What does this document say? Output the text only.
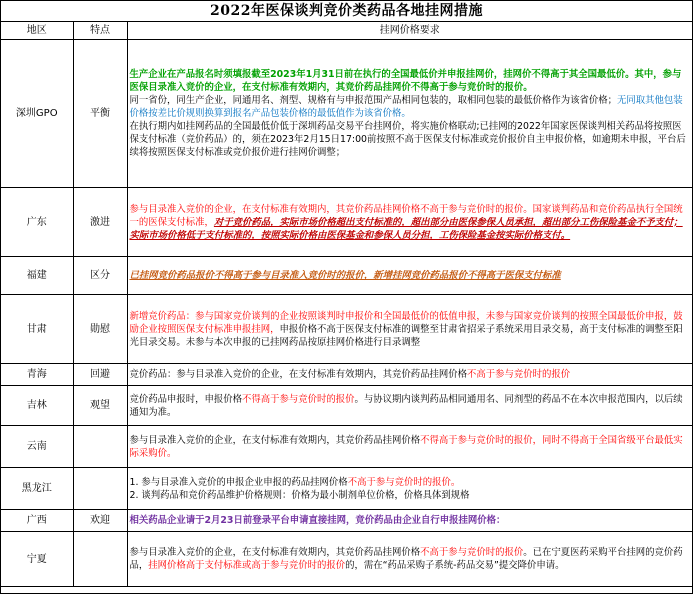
2022年医保谈判竞价类药品各地挂网措施
地区	特点	挂网价格要求
深圳GPO	平衡	生产企业在产品报名时须填报截至2023年1月31日前在执行的全国最低价并申报挂网价，挂网价不得高于其全国最低价。其中，参与医保目录准入竞价的企业，在支付标准有效期内，其竞价药品挂网价不得高于参与竞价时的报价。
同一省份，同生产企业，同通用名、剂型、规格有与申报范围产品相同包装的，取相同包装的最低价格作为该省价格；无同取其他包装价格按差比价规则换算到报名产品包装价格的最低值作为该省价格。
在执行期内如挂网药品的全国最低价低于深圳药品交易平台挂网价，将实施价格联动;已挂网的2022年国家医保谈判相关药品将按照医保支付标准（竞价药品）的，须在2023年2月15日17:00前按照不高于医保支付标准或竞价报价自主申报价格，如逾期未申报，平台后续将按照医保支付标准或竞价报价进行挂网价调整；
广东	激进	参与目录准入竞价的企业，在支付标准有效期内，其竞价药品挂网价格不高于参与竞价时的报价。国家谈判药品和竞价药品执行全国统一的医保支付标准，对于竞价药品，实际市场价格超出支付标准的，超出部分由医保参保人员承担，超出部分工伤保险基金不予支付；实际市场价格低于支付标准的，按照实际价格由医保基金和参保人员分担，工伤保险基金按实际价格支付。
福建	区分	已挂网竞价药品报价不得高于参与目录准入竞价时的报价，新增挂网竞价药品报价不得高于医保支付标准
甘肃	勋慰	新增竞价药品：参与国家竞价谈判的企业按照谈判时申报价和全国最低价的低值申报，未参与国家竞价谈判的按照全国最低价申报，鼓励企业按照医保支付标准申报挂网，申报价格不高于医保支付标准的调整至甘肃省招采子系统采用目录交易，高于支付标准的调整至阳光目录交易。未参与本次申报的已挂网药品按原挂网价格进行目录调整
青海	回避	竞价药品：参与目录准入竞价的企业，在支付标准有效期内，其竞价药品挂网价格不高于参与竞价时的报价
吉林	观望	竞价药品申报时，申报价格不得高于参与竞价时的报价。与协议期内谈判药品相同通用名、同剂型的药品不在本次申报范围内，以后续通知为准。
云南		参与目录准入竞价的企业，在支付标准有效期内，其竞价药品挂网价格不得高于参与竞价时的报价，同时不得高于全国省级平台最低实际采购价。
黑龙江		1. 参与目录准入竞价的申报企业申报的药品挂网价格不高于参与竞价时的报价。
2. 谈判药品和竞价药品维护价格规则：价格为最小制剂单位价格，价格具体到规格
广西	欢迎	相关药品企业请于2月23日前登录平台申请直接挂网，竞价药品由企业自行申报挂网价格：
宁夏		参与目录准入竞价的企业，在支付标准有效期内，其竞价药品挂网价格不高于参与竞价时的报价。已在宁夏医药采购平台挂网的竞价药品，挂网价格高于支付标准或高于参与竞价时的报价的，需在“药品采购子系统-药品交易”提交降价申请。
